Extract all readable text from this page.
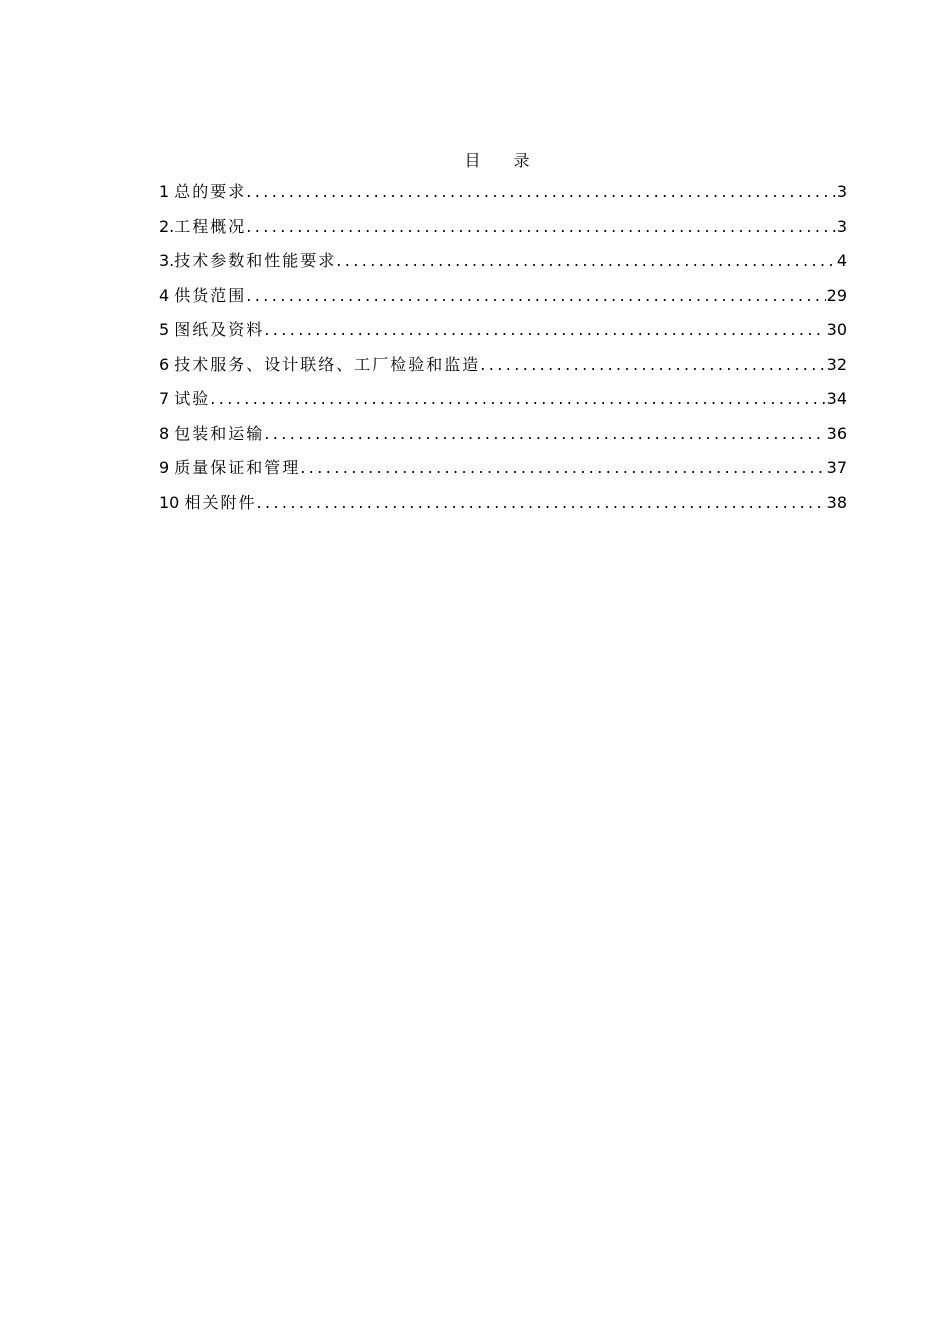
目 录
1 总的要求 .....	3
2. 工程概况 .....	3
3. 技术参数和性能要求 .....	4
4 供货范围 .....	29
5 图纸及资料 .....	30
6 技术服务、设计联络、工厂检验和监造 .....	32
7 试验 .....	34
8 包装和运输 .....	36
9 质量保证和管理 .....	37
10 相关附件 .....	38
